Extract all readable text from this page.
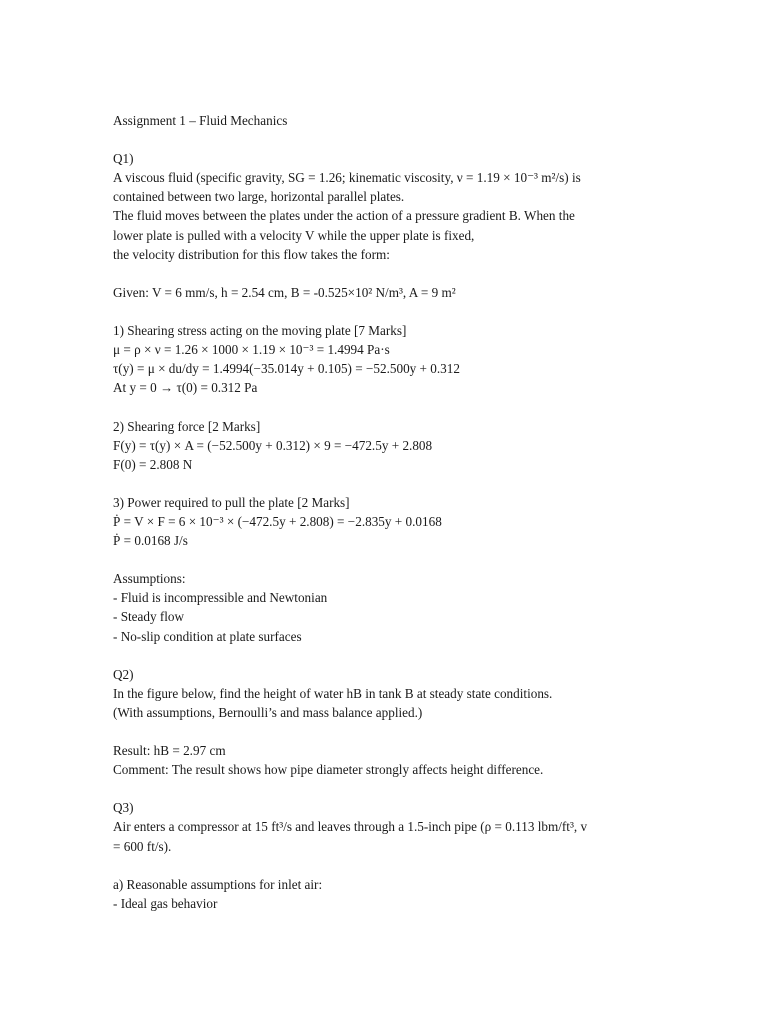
Assignment 1 – Fluid Mechanics
Q1)
A viscous fluid (specific gravity, SG = 1.26; kinematic viscosity, ν = 1.19 × 10⁻³ m²/s) is
contained between two large, horizontal parallel plates.
The fluid moves between the plates under the action of a pressure gradient B. When the
lower plate is pulled with a velocity V while the upper plate is fixed,
the velocity distribution for this flow takes the form:
Given: V = 6 mm/s, h = 2.54 cm, B = -0.525×10² N/m³, A = 9 m²
1) Shearing stress acting on the moving plate [7 Marks]
μ = ρ × ν = 1.26 × 1000 × 1.19 × 10⁻³ = 1.4994 Pa·s
τ(y) = μ × du/dy = 1.4994(−35.014y + 0.105) = −52.500y + 0.312
At y = 0 → τ(0) = 0.312 Pa
2) Shearing force [2 Marks]
F(y) = τ(y) × A = (−52.500y + 0.312) × 9 = −472.5y + 2.808
F(0) = 2.808 N
3) Power required to pull the plate [2 Marks]
Ṗ = V × F = 6 × 10⁻³ × (−472.5y + 2.808) = −2.835y + 0.0168
Ṗ = 0.0168 J/s
Assumptions:
- Fluid is incompressible and Newtonian
- Steady flow
- No-slip condition at plate surfaces
Q2)
In the figure below, find the height of water hB in tank B at steady state conditions.
(With assumptions, Bernoulli’s and mass balance applied.)
Result: hB = 2.97 cm
Comment: The result shows how pipe diameter strongly affects height difference.
Q3)
Air enters a compressor at 15 ft³/s and leaves through a 1.5-inch pipe (ρ = 0.113 lbm/ft³, v
= 600 ft/s).
a) Reasonable assumptions for inlet air:
- Ideal gas behavior
